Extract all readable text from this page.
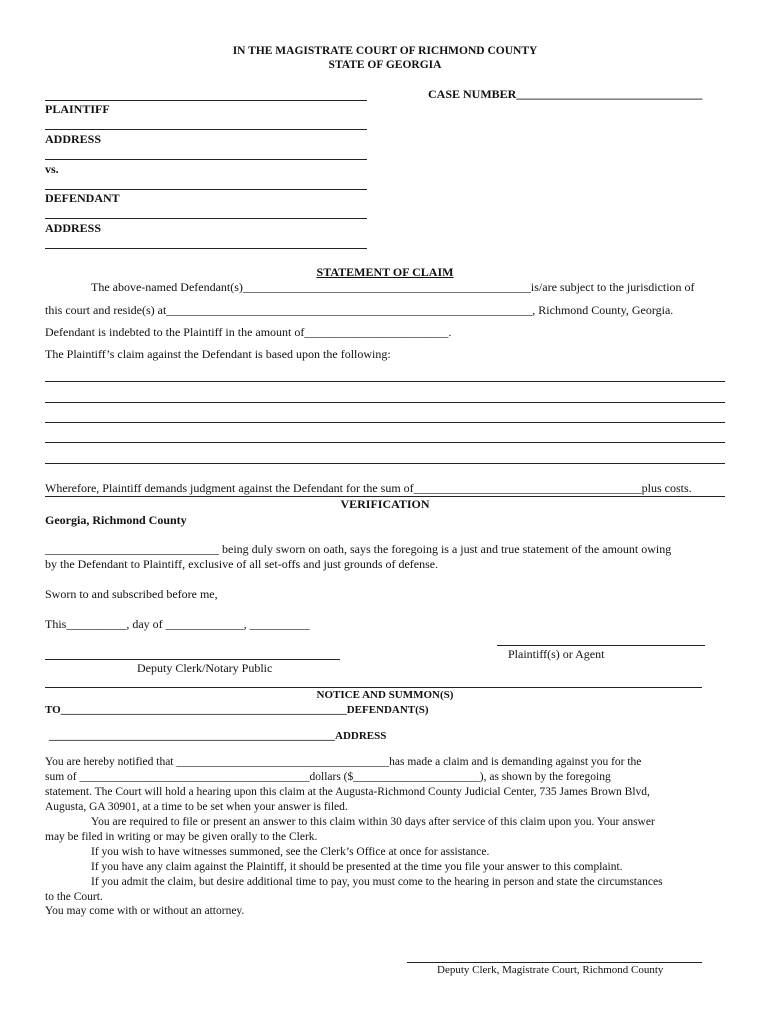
IN THE MAGISTRATE COURT OF RICHMOND COUNTY
STATE OF GEORGIA
CASE NUMBER_______________________________
PLAINTIFF
ADDRESS
vs.
DEFENDANT
ADDRESS
STATEMENT OF CLAIM
The above-named Defendant(s)________________________________________________is/are subject to the jurisdiction of
this court and reside(s) at_____________________________________________________________, Richmond County, Georgia.
Defendant is indebted to the Plaintiff in the amount of________________________.
The Plaintiff’s claim against the Defendant is based upon the following:
Wherefore, Plaintiff demands judgment against the Defendant for the sum of______________________________________plus costs.
VERIFICATION
Georgia, Richmond County
_____________________________ being duly sworn on oath, says the foregoing is a just and true statement of the amount owing
by the Defendant to Plaintiff, exclusive of all set-offs and just grounds of defense.
Sworn to and subscribed before me,
This__________, day of _____________, __________
Plaintiff(s) or Agent
Deputy Clerk/Notary Public
NOTICE AND SUMMON(S)
TO____________________________________________________DEFENDANT(S)
____________________________________________________ADDRESS
You are hereby notified that _____________________________________has made a claim and is demanding against you for the
sum of ________________________________________dollars ($______________________), as shown by the foregoing
statement. The Court will hold a hearing upon this claim at the Augusta-Richmond County Judicial Center, 735 James Brown Blvd,
Augusta, GA 30901, at a time to be set when your answer is filed.
You are required to file or present an answer to this claim within 30 days after service of this claim upon you. Your answer
may be filed in writing or may be given orally to the Clerk.
If you wish to have witnesses summoned, see the Clerk’s Office at once for assistance.
If you have any claim against the Plaintiff, it should be presented at the time you file your answer to this complaint.
If you admit the claim, but desire additional time to pay, you must come to the hearing in person and state the circumstances
to the Court.
You may come with or without an attorney.
Deputy Clerk, Magistrate Court, Richmond County
